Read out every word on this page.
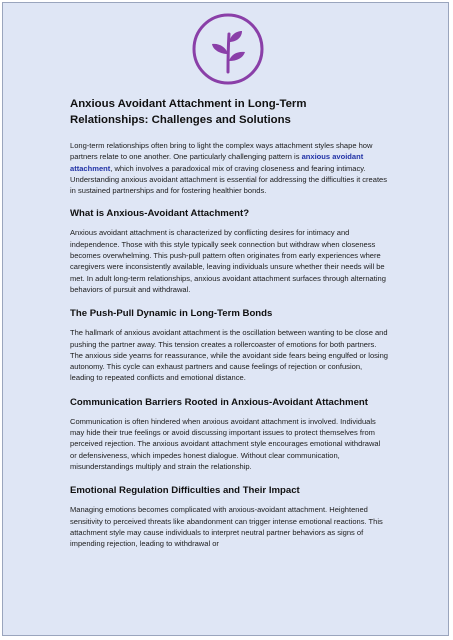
Anxious Avoidant Attachment in Long-Term Relationships: Challenges and Solutions

Long-term relationships often bring to light the complex ways attachment styles shape how partners relate to one another. One particularly challenging pattern is anxious avoidant attachment, which involves a paradoxical mix of craving closeness and fearing intimacy. Understanding anxious avoidant attachment is essential for addressing the difficulties it creates in sustained partnerships and for fostering healthier bonds.

What is Anxious-Avoidant Attachment?

Anxious avoidant attachment is characterized by conflicting desires for intimacy and independence. Those with this style typically seek connection but withdraw when closeness becomes overwhelming. This push-pull pattern often originates from early experiences where caregivers were inconsistently available, leaving individuals unsure whether their needs will be met. In adult long-term relationships, anxious avoidant attachment surfaces through alternating behaviors of pursuit and withdrawal.

The Push-Pull Dynamic in Long-Term Bonds

The hallmark of anxious avoidant attachment is the oscillation between wanting to be close and pushing the partner away. This tension creates a rollercoaster of emotions for both partners. The anxious side yearns for reassurance, while the avoidant side fears being engulfed or losing autonomy. This cycle can exhaust partners and cause feelings of rejection or confusion, leading to repeated conflicts and emotional distance.

Communication Barriers Rooted in Anxious-Avoidant Attachment

Communication is often hindered when anxious avoidant attachment is involved. Individuals may hide their true feelings or avoid discussing important issues to protect themselves from perceived rejection. The anxious avoidant attachment style encourages emotional withdrawal or defensiveness, which impedes honest dialogue. Without clear communication, misunderstandings multiply and strain the relationship.

Emotional Regulation Difficulties and Their Impact

Managing emotions becomes complicated with anxious-avoidant attachment. Heightened sensitivity to perceived threats like abandonment can trigger intense emotional reactions. This attachment style may cause individuals to interpret neutral partner behaviors as signs of impending rejection, leading to withdrawal or
